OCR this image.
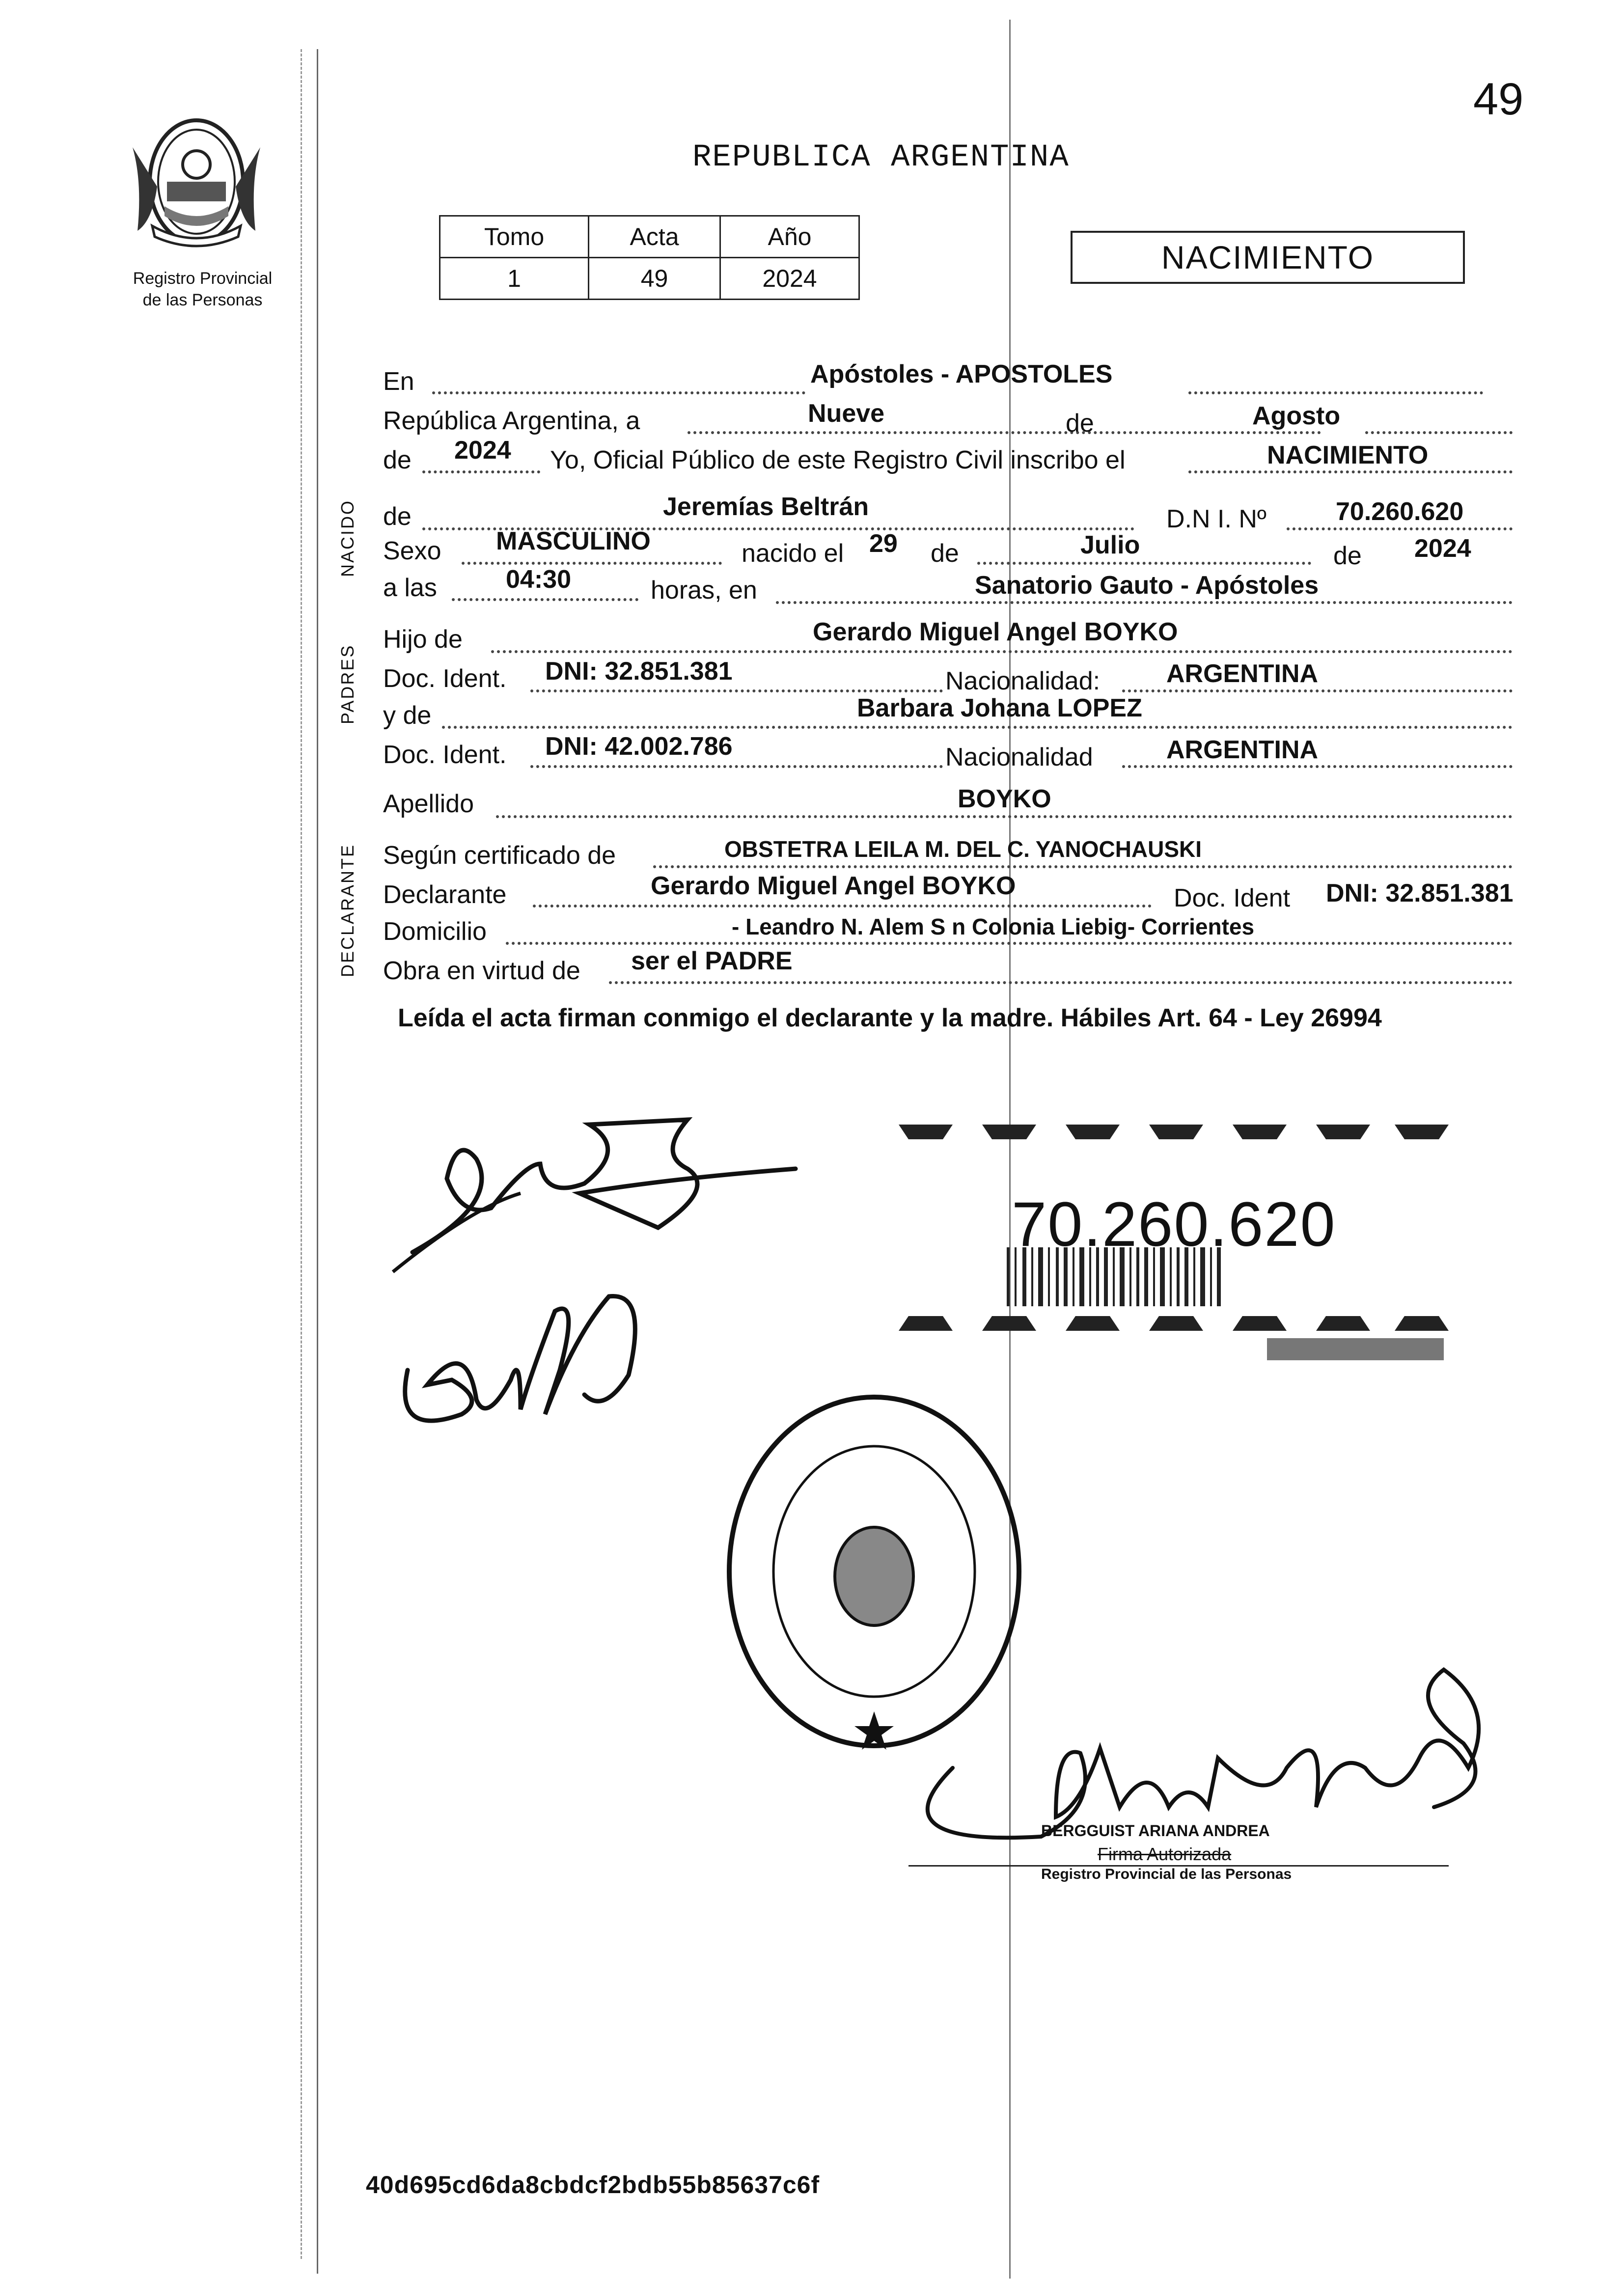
49
REPUBLICA ARGENTINA
Registro Provincial
de las Personas
Tomo	Acta	Año
1	49	2024
NACIMIENTO
NACIDO
PADRES
DECLARANTE
En	Apóstoles - APOSTOLES
República Argentina, a	Nueve	de	Agosto
de 2024 Yo, Oficial Público de este Registro Civil inscribo el	NACIMIENTO
de	Jeremías Beltrán	D.N I. Nº	70.260.620
Sexo MASCULINO	nacido el 29 de	Julio	de 2024
a las	04:30	horas, en	Sanatorio Gauto - Apóstoles
Hijo de	Gerardo Miguel Angel BOYKO
Doc. Ident. DNI: 32.851.381	Nacionalidad:	ARGENTINA
y de	Barbara Johana LOPEZ
Doc. Ident. DNI: 42.002.786	Nacionalidad	ARGENTINA
Apellido	BOYKO
Según certificado de	OBSTETRA LEILA M. DEL C. YANOCHAUSKI
Declarante	Gerardo Miguel Angel BOYKO	Doc. Ident DNI: 32.851.381
Domicilio	- Leandro N. Alem S n Colonia Liebig- Corrientes
Obra en virtud de ser el PADRE
Leída el acta firman conmigo el declarante y la madre. Hábiles Art. 64 - Ley 26994
70.260.620
BERGGUIST ARIANA ANDREA
Firma Autorizada
Registro Provincial de las Personas
40d695cd6da8cbdcf2bdb55b85637c6f
